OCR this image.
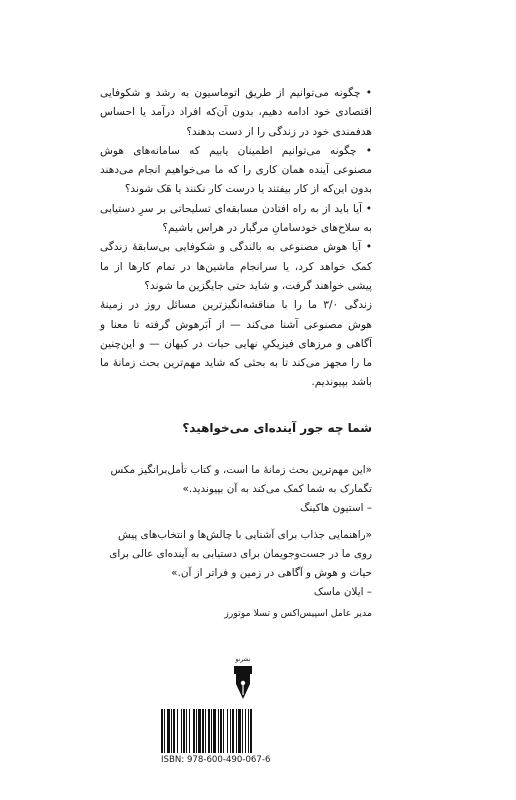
• چگونه می‌توانیم از طریق اتوماسیون به رشد و شکوفایی اقتصادی خود ادامه دهیم، بدون آن‌که افراد درآمد یا احساس هدفمندی خود در زندگی را از دست بدهند؟

• چگونه می‌توانیم اطمینان یابیم که سامانه‌های هوش مصنوعی آینده همان کاری را که ما می‌خواهیم انجام می‌دهند بدون این‌که از کار بیفتند یا درست کار نکنند یا هَک شوند؟

• آیا باید از به راه افتادن مسابقه‌ای تسلیحاتی بر سرِ دستیابی به سلاح‌های خودسامانِ مرگبار در هراس باشیم؟

• آیا هوش مصنوعی به بالندگی و شکوفایی بی‌سابقهٔ زندگی کمک خواهد کرد، یا سرانجام ماشین‌ها در تمام کارها از ما پیشی خواهند گرفت، و شاید حتی جایگزین ما شوند؟

زندگی ۳/۰ ما را با مناقشه‌انگیزترین مسائل روز در زمینهٔ هوش مصنوعی آشنا می‌کند — از اَبَرهوش گرفته تا معنا و آگاهی و مرزهای فیزیکیِ نهایی حیات در کیهان — و این‌چنین ما را مجهز می‌کند تا به بحثی که شاید مهم‌ترین بحث زمانهٔ ما باشد بپیوندیم.

شما چه جور آینده‌ای می‌خواهید؟

«این مهم‌ترین بحث زمانهٔ ما است، و کتاب تأمل‌برانگیز مکس تگمارک به شما کمک می‌کند به آن بپیوندید.»

– استیون هاکینگ

«راهنمایی جذاب برای آشنایی با چالش‌ها و انتخاب‌های پیش روی ما در جست‌وجویمان برای دستیابی به آینده‌ای عالی برای حیات و هوش و آگاهی در زمین و فراتر از آن.»

– ایلان ماسک

مدیر عامل اسپیس‌اکس و تسلا موتورز
نشرنو
ISBN: 978-600-490-067-6
